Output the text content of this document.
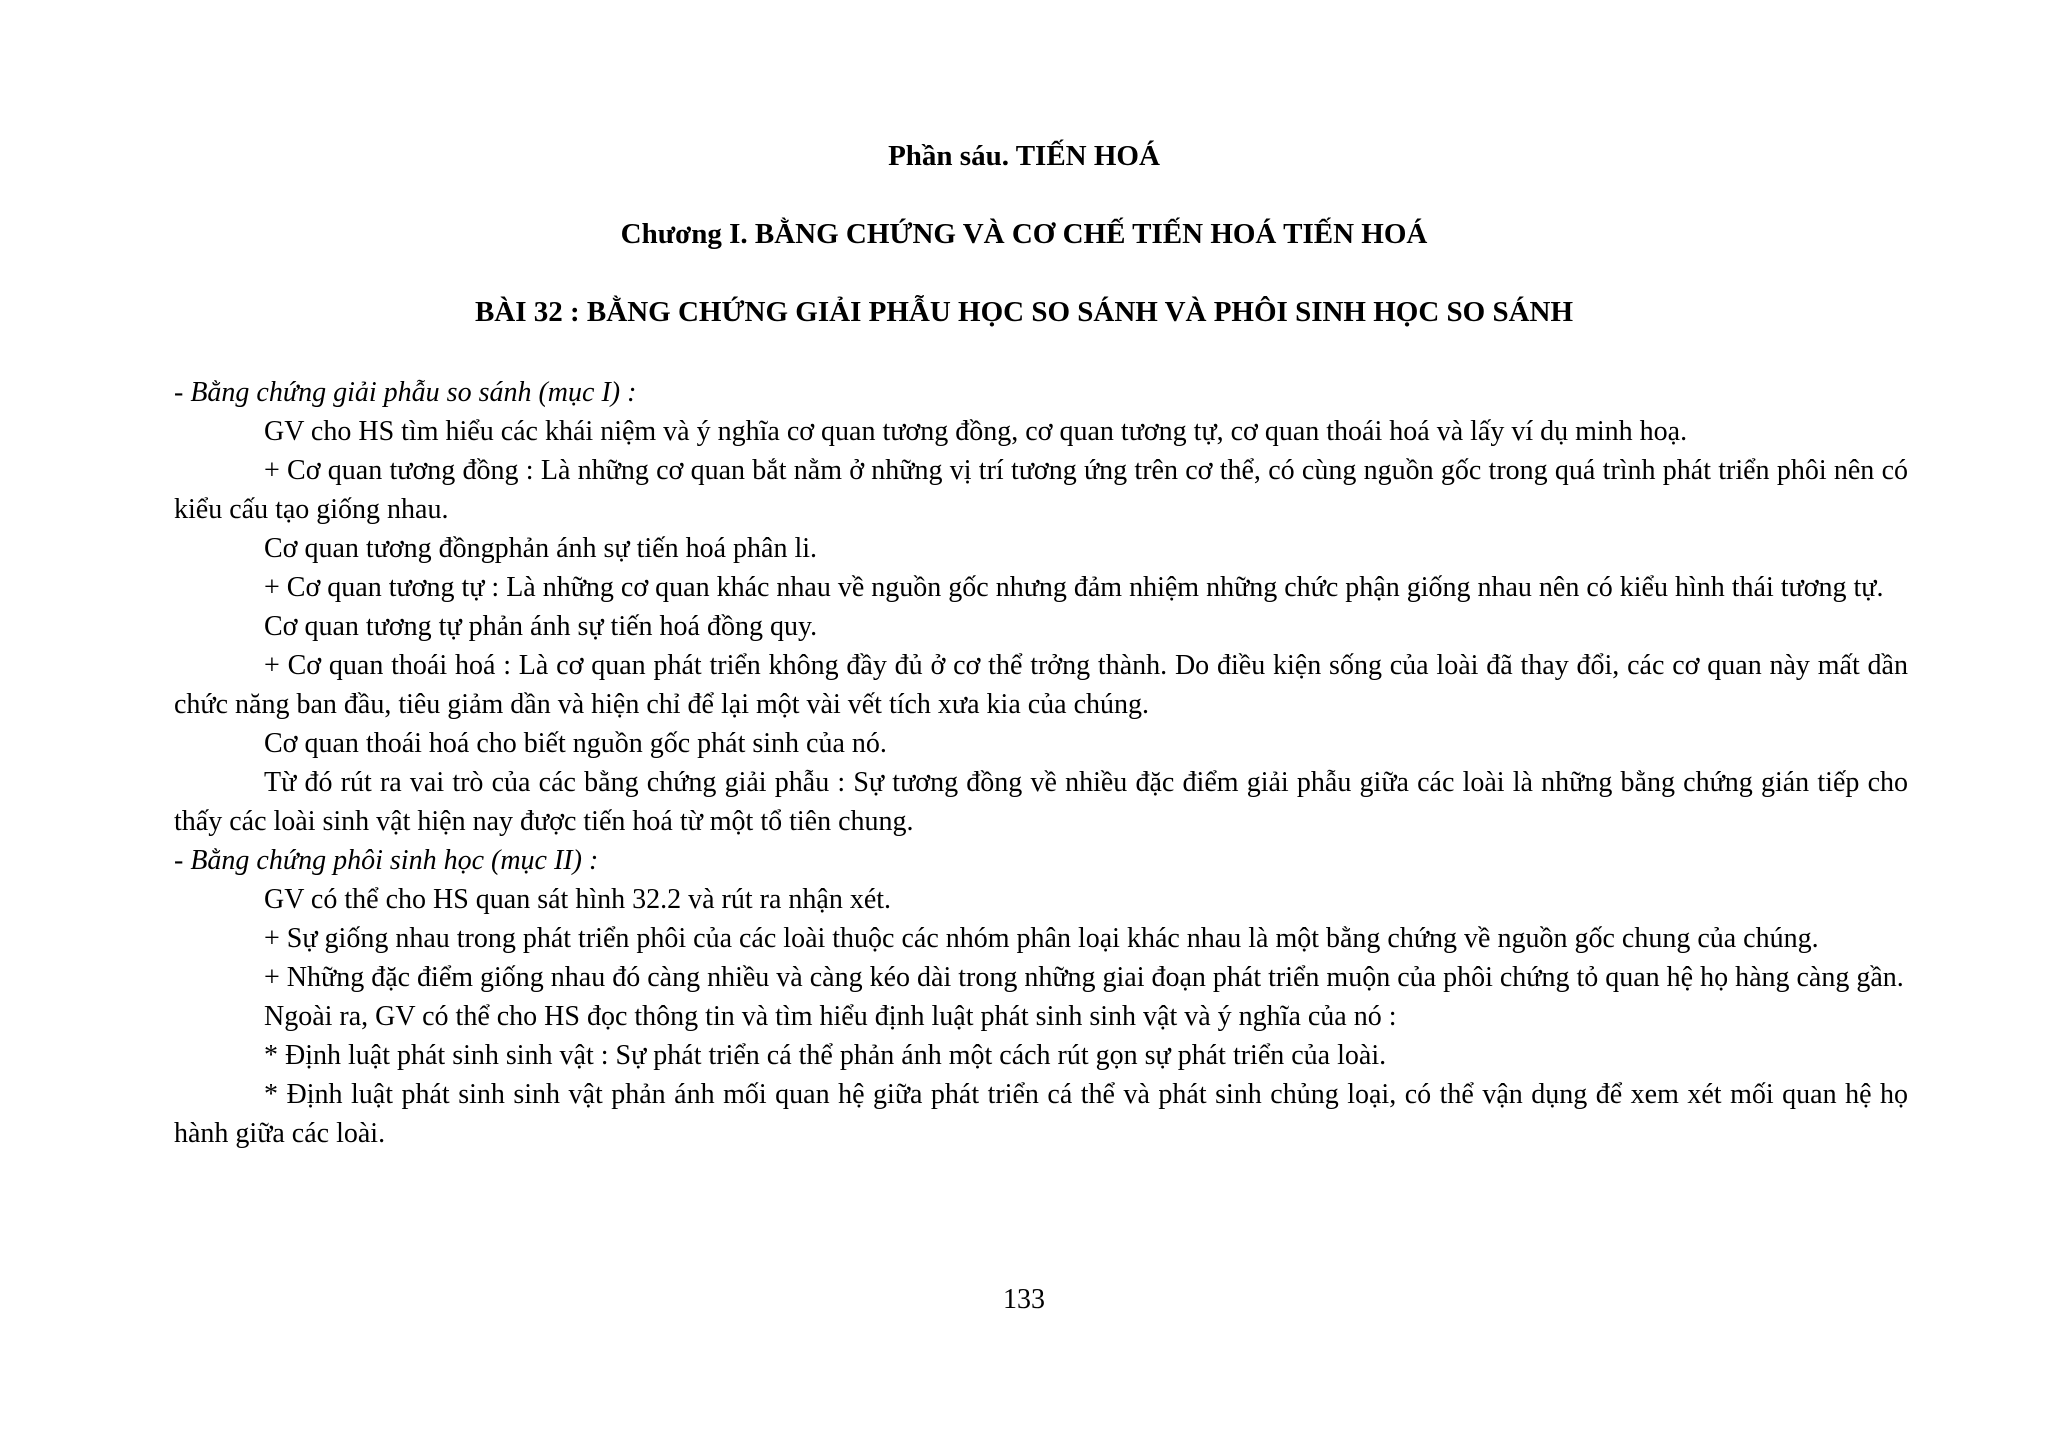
Phần sáu. TIẾN HOÁ
Chương I. BẰNG CHỨNG VÀ CƠ CHẾ TIẾN HOÁ TIẾN HOÁ
BÀI 32 : BẰNG CHỨNG GIẢI PHẪU HỌC SO SÁNH VÀ PHÔI SINH HỌC SO SÁNH

- Bằng chứng giải phẫu so sánh (mục I) :

GV cho HS tìm hiểu các khái niệm và ý nghĩa cơ quan tương đồng, cơ quan tương tự, cơ quan thoái hoá và lấy ví dụ minh hoạ.

+ Cơ quan tương đồng : Là những cơ quan bắt nằm ở những vị trí tương ứng trên cơ thể, có cùng nguồn gốc trong quá trình phát triển phôi nên có kiểu cấu tạo giống nhau.

Cơ quan tương đồngphản ánh sự tiến hoá phân li.

+ Cơ quan tương tự : Là những cơ quan khác nhau về nguồn gốc nhưng đảm nhiệm những chức phận giống nhau nên có kiểu hình thái tương tự.

Cơ quan tương tự phản ánh sự tiến hoá đồng quy.

+ Cơ quan thoái hoá : Là cơ quan phát triển không đầy đủ ở cơ thể trởng thành. Do điều kiện sống của loài đã thay đổi, các cơ quan này mất dần chức năng ban đầu, tiêu giảm dần và hiện chỉ để lại một vài vết tích xưa kia của chúng.

Cơ quan thoái hoá cho biết nguồn gốc phát sinh của nó.

Từ đó rút ra vai trò của các bằng chứng giải phẫu : Sự tương đồng về nhiều đặc điểm giải phẫu giữa các loài là những bằng chứng gián tiếp cho thấy các loài sinh vật hiện nay được tiến hoá từ một tổ tiên chung.

- Bằng chứng phôi sinh học (mục II) :

GV có thể cho HS quan sát hình 32.2 và rút ra nhận xét.

+ Sự giống nhau trong phát triển phôi của các loài thuộc các nhóm phân loại khác nhau là một bằng chứng về nguồn gốc chung của chúng.

+ Những đặc điểm giống nhau đó càng nhiều và càng kéo dài trong những giai đoạn phát triển muộn của phôi chứng tỏ quan hệ họ hàng càng gần.

Ngoài ra, GV có thể cho HS đọc thông tin và tìm hiểu định luật phát sinh sinh vật và ý nghĩa của nó :

* Định luật phát sinh sinh vật : Sự phát triển cá thể phản ánh một cách rút gọn sự phát triển của loài.

* Định luật phát sinh sinh vật phản ánh mối quan hệ giữa phát triển cá thể và phát sinh chủng loại, có thể vận dụng để xem xét mối quan hệ họ hành giữa các loài.

133
